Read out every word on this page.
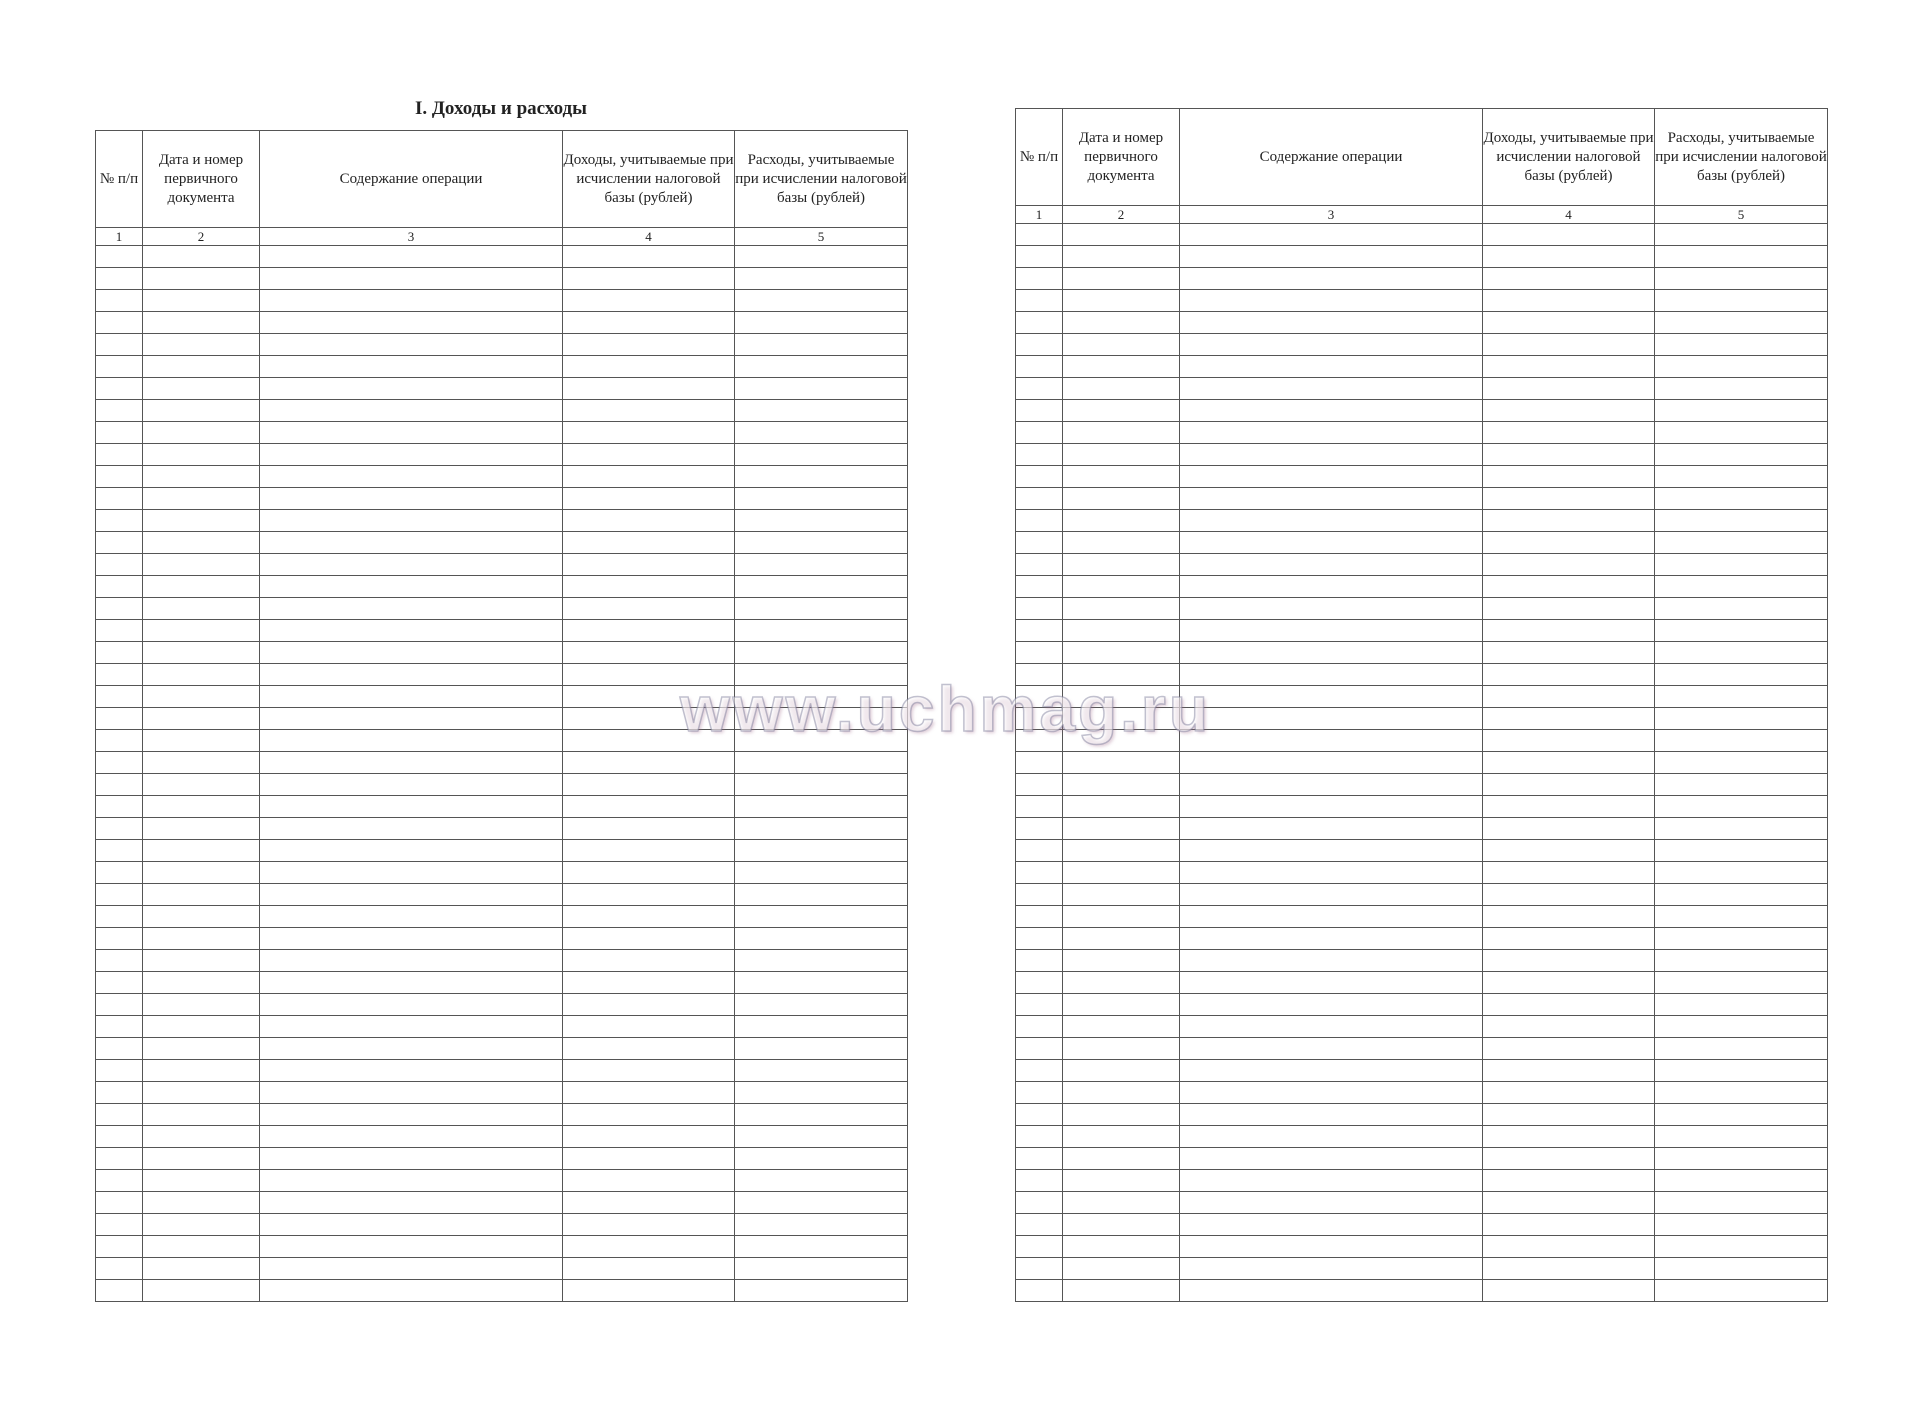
I. Доходы и расходы
№ п/п	Дата и номер первичного документа	Содержание операции	Доходы, учитываемые при исчислении налоговой базы (рублей)	Расходы, учитываемые при исчислении налоговой базы (рублей)
1	2	3	4	5

№ п/п	Дата и номер первичного документа	Содержание операции	Доходы, учитываемые при исчислении налоговой базы (рублей)	Расходы, учитываемые при исчислении налоговой базы (рублей)
1	2	3	4	5

www.uchmag.ru
